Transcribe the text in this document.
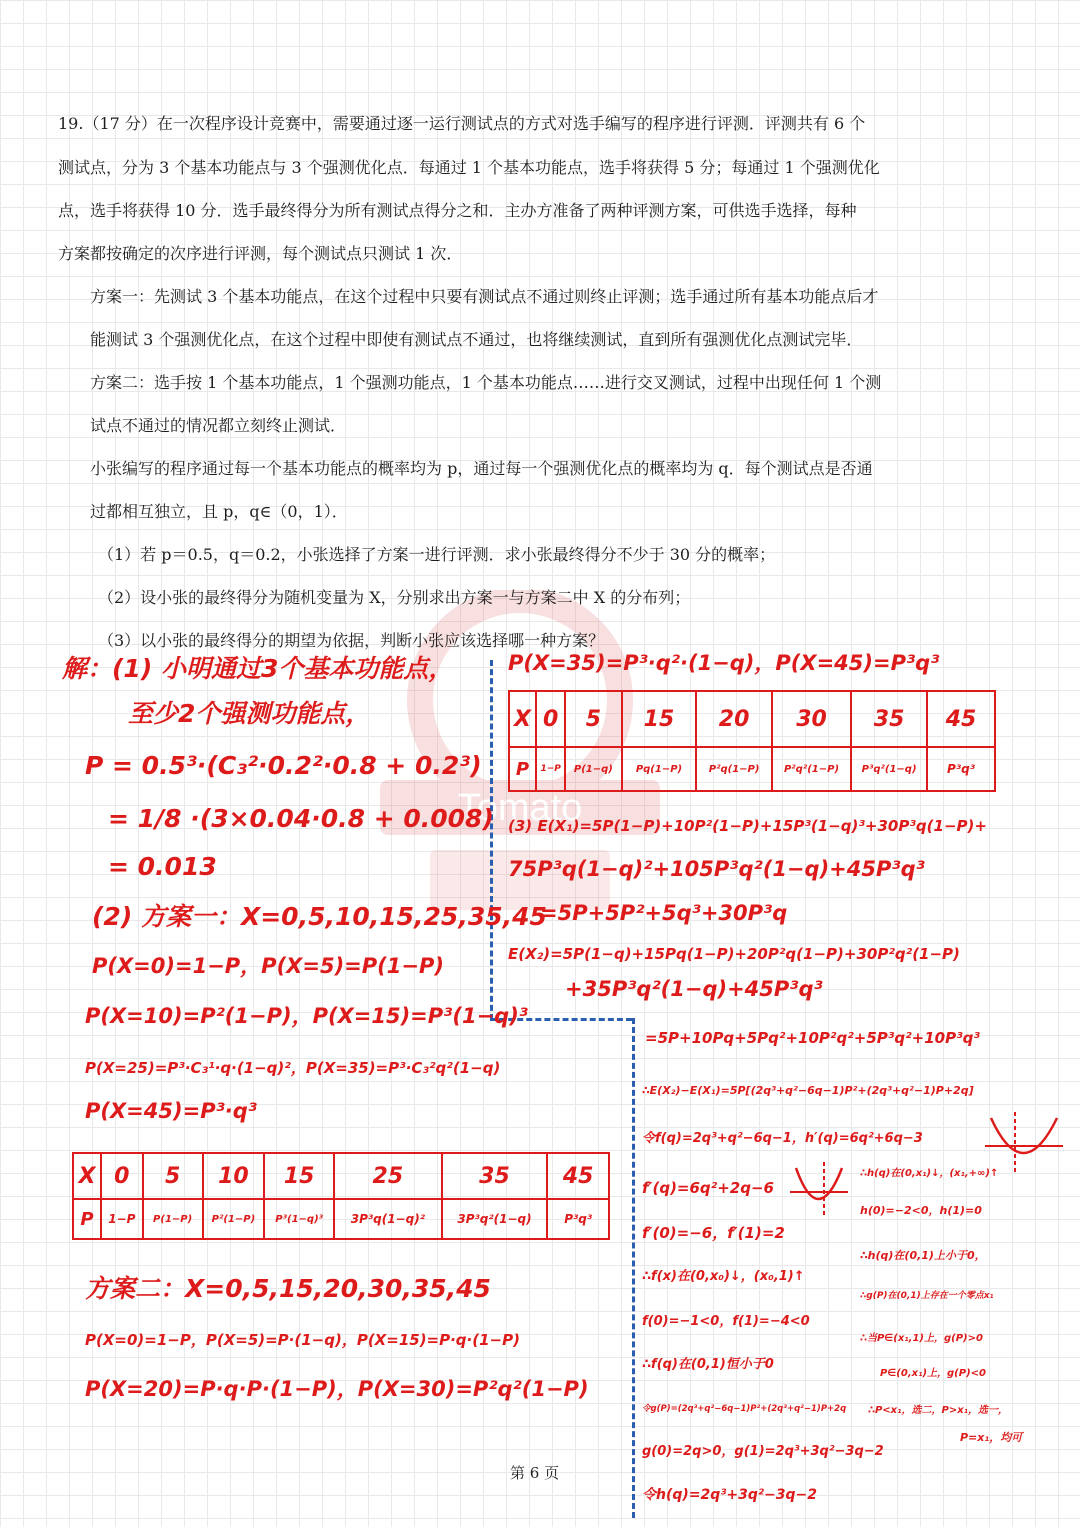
Tomato
19.（17 分）在一次程序设计竞赛中，需要通过逐一运行测试点的方式对选手编写的程序进行评测．评测共有 6 个
测试点，分为 3 个基本功能点与 3 个强测优化点．每通过 1 个基本功能点，选手将获得 5 分；每通过 1 个强测优化
点，选手将获得 10 分．选手最终得分为所有测试点得分之和．主办方准备了两种评测方案，可供选手选择，每种
方案都按确定的次序进行评测，每个测试点只测试 1 次．
方案一：先测试 3 个基本功能点，在这个过程中只要有测试点不通过则终止评测；选手通过所有基本功能点后才
能测试 3 个强测优化点，在这个过程中即使有测试点不通过，也将继续测试，直到所有强测优化点测试完毕．
方案二：选手按 1 个基本功能点，1 个强测功能点，1 个基本功能点……进行交叉测试，过程中出现任何 1 个测
试点不通过的情况都立刻终止测试．
小张编写的程序通过每一个基本功能点的概率均为 p，通过每一个强测优化点的概率均为 q．每个测试点是否通
过都相互独立，且 p，q∈（0，1）．
（1）若 p＝0.5，q＝0.2，小张选择了方案一进行评测．求小张最终得分不少于 30 分的概率；
（2）设小张的最终得分为随机变量为 X，分别求出方案一与方案二中 X 的分布列；
（3）以小张的最终得分的期望为依据，判断小张应该选择哪一种方案？
解：(1) 小明通过3个基本功能点，
至少2个强测功能点，
P = 0.5³·(C₃²·0.2²·0.8 + 0.2³)
= 1/8 ·(3×0.04·0.8 + 0.008)
= 0.013
(2) 方案一：X=0,5,10,15,25,35,45
P(X=0)=1−P，P(X=5)=P(1−P)
P(X=10)=P²(1−P)，P(X=15)=P³(1−q)³
P(X=25)=P³·C₃¹·q·(1−q)²，P(X=35)=P³·C₃²q²(1−q)
P(X=45)=P³·q³
X	0	5	10	15	25	35	45
P	1−P	P(1−P)	P²(1−P)	P³(1−q)³	3P³q(1−q)²	3P³q²(1−q)	P³q³
方案二：X=0,5,15,20,30,35,45
P(X=0)=1−P，P(X=5)=P·(1−q)，P(X=15)=P·q·(1−P)
P(X=20)=P·q·P·(1−P)，P(X=30)=P²q²(1−P)
P(X=35)=P³·q²·(1−q)，P(X=45)=P³q³
X	0	5	15	20	30	35	45
P	1−P	P(1−q)	Pq(1−P)	P²q(1−P)	P²q²(1−P)	P³q²(1−q)	P³q³
(3) E(X₁)=5P(1−P)+10P²(1−P)+15P³(1−q)³+30P³q(1−P)+
75P³q(1−q)²+105P³q²(1−q)+45P³q³
=5P+5P²+5q³+30P³q
E(X₂)=5P(1−q)+15Pq(1−P)+20P²q(1−P)+30P²q²(1−P)
+35P³q²(1−q)+45P³q³
=5P+10Pq+5Pq²+10P²q²+5P³q²+10P³q³
∴E(X₂)−E(X₁)=5P[(2q³+q²−6q−1)P²+(2q³+q²−1)P+2q]
令f(q)=2q³+q²−6q−1，h′(q)=6q²+6q−3
f′(q)=6q²+2q−6
f′(0)=−6，f′(1)=2
∴f(x)在(0,x₀)↓，(x₀,1)↑
f(0)=−1<0，f(1)=−4<0
∴f(q)在(0,1)恒小于0
令g(P)=(2q³+q²−6q−1)P²+(2q³+q²−1)P+2q
g(0)=2q>0，g(1)=2q³+3q²−3q−2
令h(q)=2q³+3q²−3q−2
∴h(q)在(0,x₁)↓，(x₁,+∞)↑
h(0)=−2<0，h(1)=0
∴h(q)在(0,1)上小于0，
∴g(P)在(0,1)上存在一个零点x₁
∴当P∈(x₁,1)上，g(P)>0
P∈(0,x₁)上，g(P)<0
∴P<x₁，选二，P>x₁，选一，
P=x₁，均可
第 6 页
